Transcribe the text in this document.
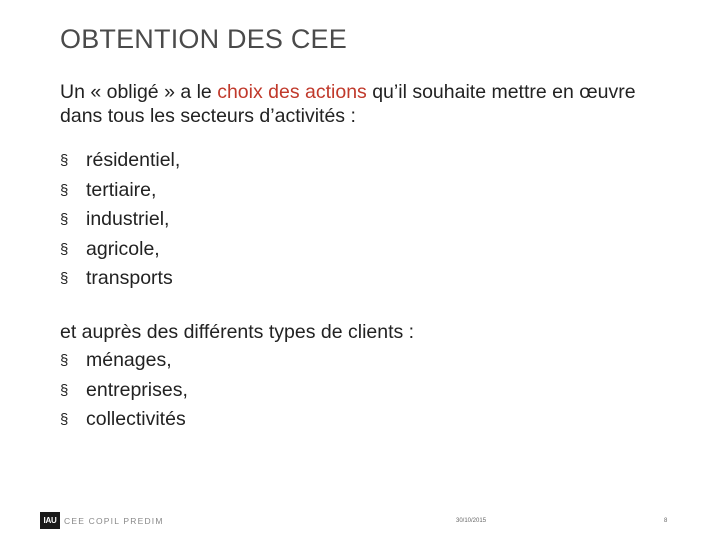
OBTENTION DES CEE
Un « obligé » a le choix des actions qu’il souhaite mettre en œuvre dans tous les secteurs d’activités :
§ résidentiel,
§ tertiaire,
§ industriel,
§ agricole,
§ transports
et auprès des différents types de clients :
§ ménages,
§ entreprises,
§ collectivités
IAU CEE COPIL PREDIM	30/10/2015	8
